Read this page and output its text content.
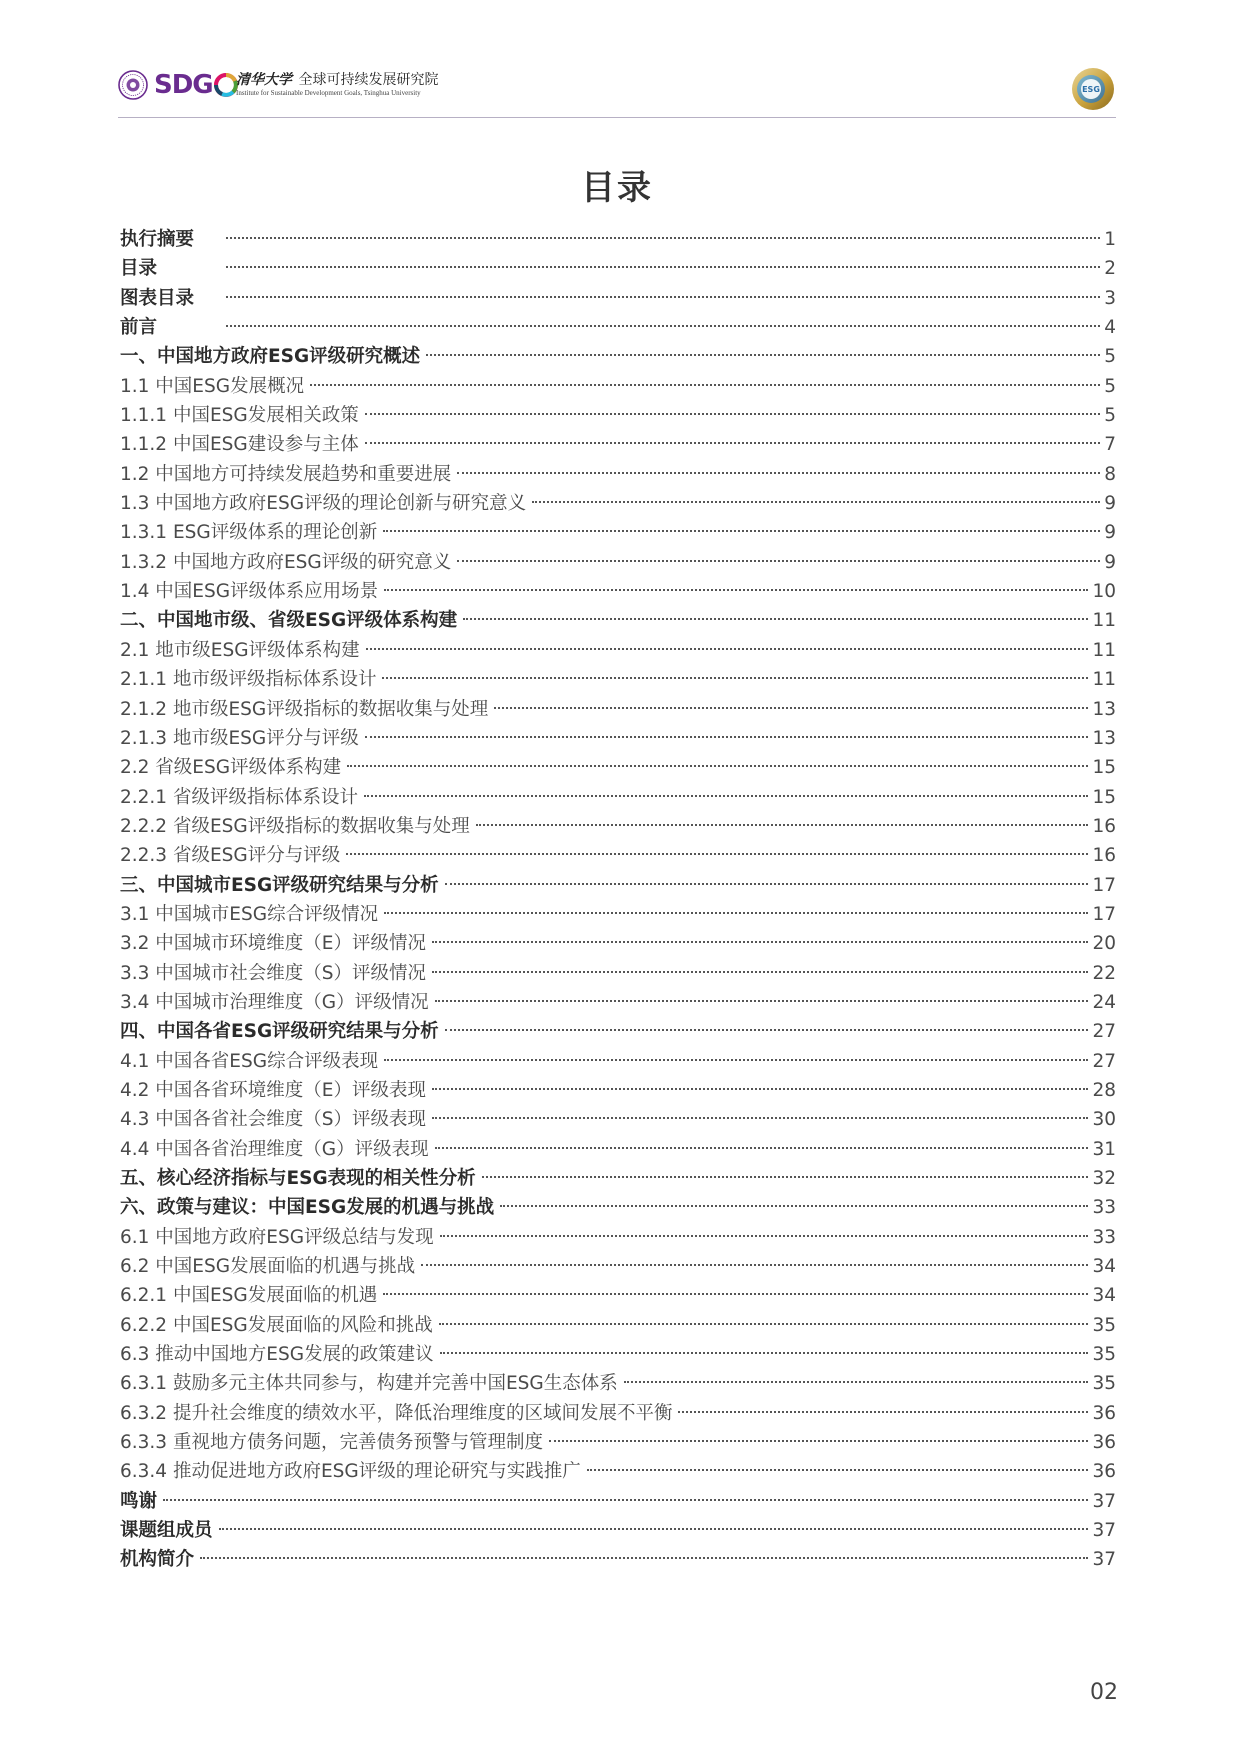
SDG 清华大学 全球可持续发展研究院
Institute for Sustainable Development Goals, Tsinghua University	ESG
目录
执行摘要	1
目录	2
图表目录	3
前言	4
一、中国地方政府ESG评级研究概述	5
1.1 中国ESG发展概况	5
1.1.1 中国ESG发展相关政策	5
1.1.2 中国ESG建设参与主体	7
1.2 中国地方可持续发展趋势和重要进展	8
1.3 中国地方政府ESG评级的理论创新与研究意义	9
1.3.1 ESG评级体系的理论创新	9
1.3.2 中国地方政府ESG评级的研究意义	9
1.4 中国ESG评级体系应用场景	10
二、中国地市级、省级ESG评级体系构建	11
2.1 地市级ESG评级体系构建	11
2.1.1 地市级评级指标体系设计	11
2.1.2 地市级ESG评级指标的数据收集与处理	13
2.1.3 地市级ESG评分与评级	13
2.2 省级ESG评级体系构建	15
2.2.1 省级评级指标体系设计	15
2.2.2 省级ESG评级指标的数据收集与处理	16
2.2.3 省级ESG评分与评级	16
三、中国城市ESG评级研究结果与分析	17
3.1 中国城市ESG综合评级情况	17
3.2 中国城市环境维度（E）评级情况	20
3.3 中国城市社会维度（S）评级情况	22
3.4 中国城市治理维度（G）评级情况	24
四、中国各省ESG评级研究结果与分析	27
4.1 中国各省ESG综合评级表现	27
4.2 中国各省环境维度（E）评级表现	28
4.3 中国各省社会维度（S）评级表现	30
4.4 中国各省治理维度（G）评级表现	31
五、核心经济指标与ESG表现的相关性分析	32
六、政策与建议：中国ESG发展的机遇与挑战	33
6.1 中国地方政府ESG评级总结与发现	33
6.2 中国ESG发展面临的机遇与挑战	34
6.2.1 中国ESG发展面临的机遇	34
6.2.2 中国ESG发展面临的风险和挑战	35
6.3 推动中国地方ESG发展的政策建议	35
6.3.1 鼓励多元主体共同参与，构建并完善中国ESG生态体系	35
6.3.2 提升社会维度的绩效水平，降低治理维度的区域间发展不平衡	36
6.3.3 重视地方债务问题，完善债务预警与管理制度	36
6.3.4 推动促进地方政府ESG评级的理论研究与实践推广	36
鸣谢	37
课题组成员	37
机构简介	37
02
